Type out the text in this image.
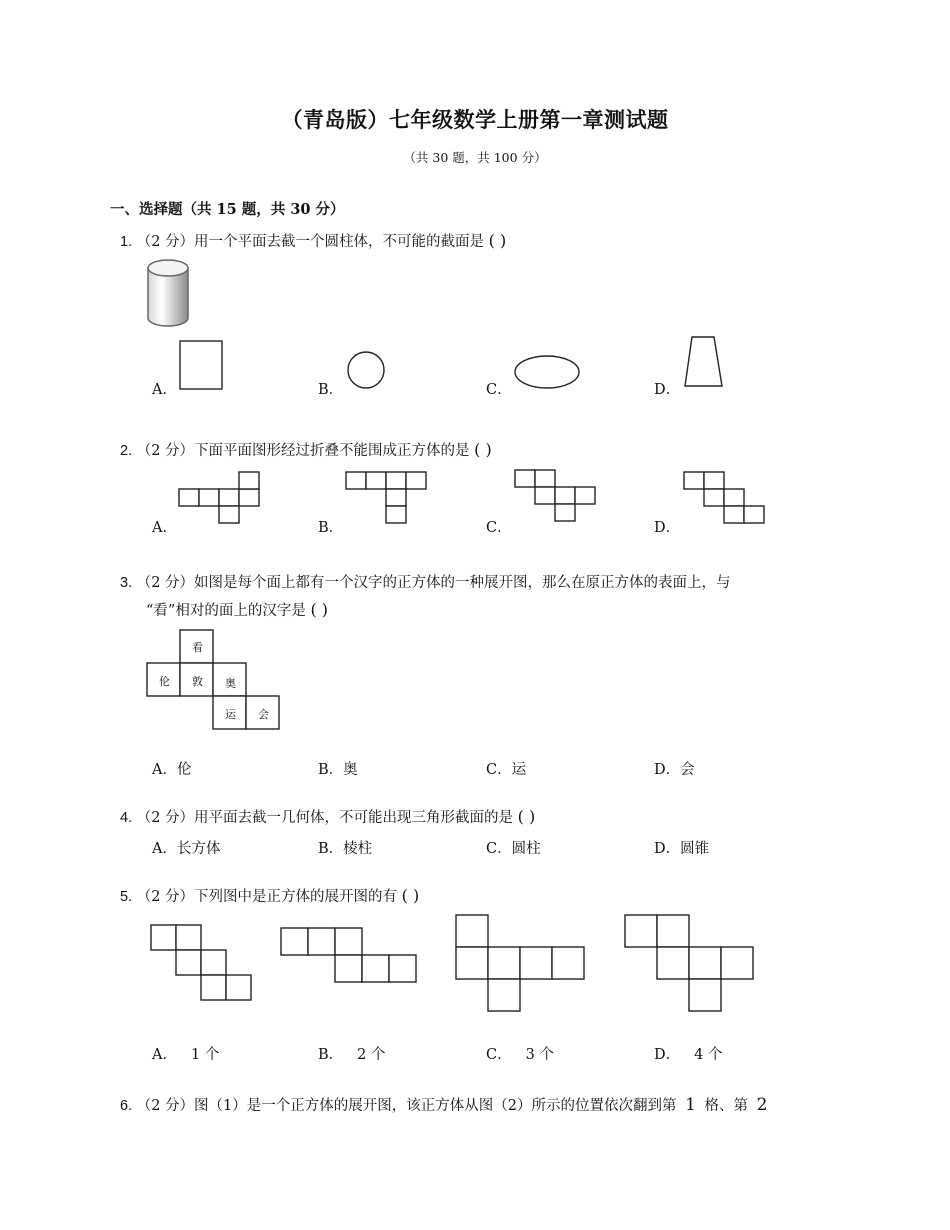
（青岛版）七年级数学上册第一章测试题
（共 30 题，共 100 分）
一、选择题（共 15 题，共 30 分）
1. （2 分）用一个平面去截一个圆柱体，不可能的截面是 ( )
A．	B．	C．	D．
2. （2 分）下面平面图形经过折叠不能围成正方体的是 ( )
A．	B．	C．	D．
3. （2 分）如图是每个面上都有一个汉字的正方体的一种展开图，那么在原正方体的表面上，与
“看”相对的面上的汉字是 ( )
看
伦 敦 奥
运 会
A．伦	B．奥	C．运	D．会
4. （2 分）用平面去截一几何体，不可能出现三角形截面的是 ( )
A．长方体	B．棱柱	C．圆柱	D．圆锥
5. （2 分）下列图中是正方体的展开图的有 ( )
A． 1 个	B． 2 个	C． 3 个	D． 4 个
6. （2 分）图（1）是一个正方体的展开图，该正方体从图（2）所示的位置依次翻到第 1 格、第 2
